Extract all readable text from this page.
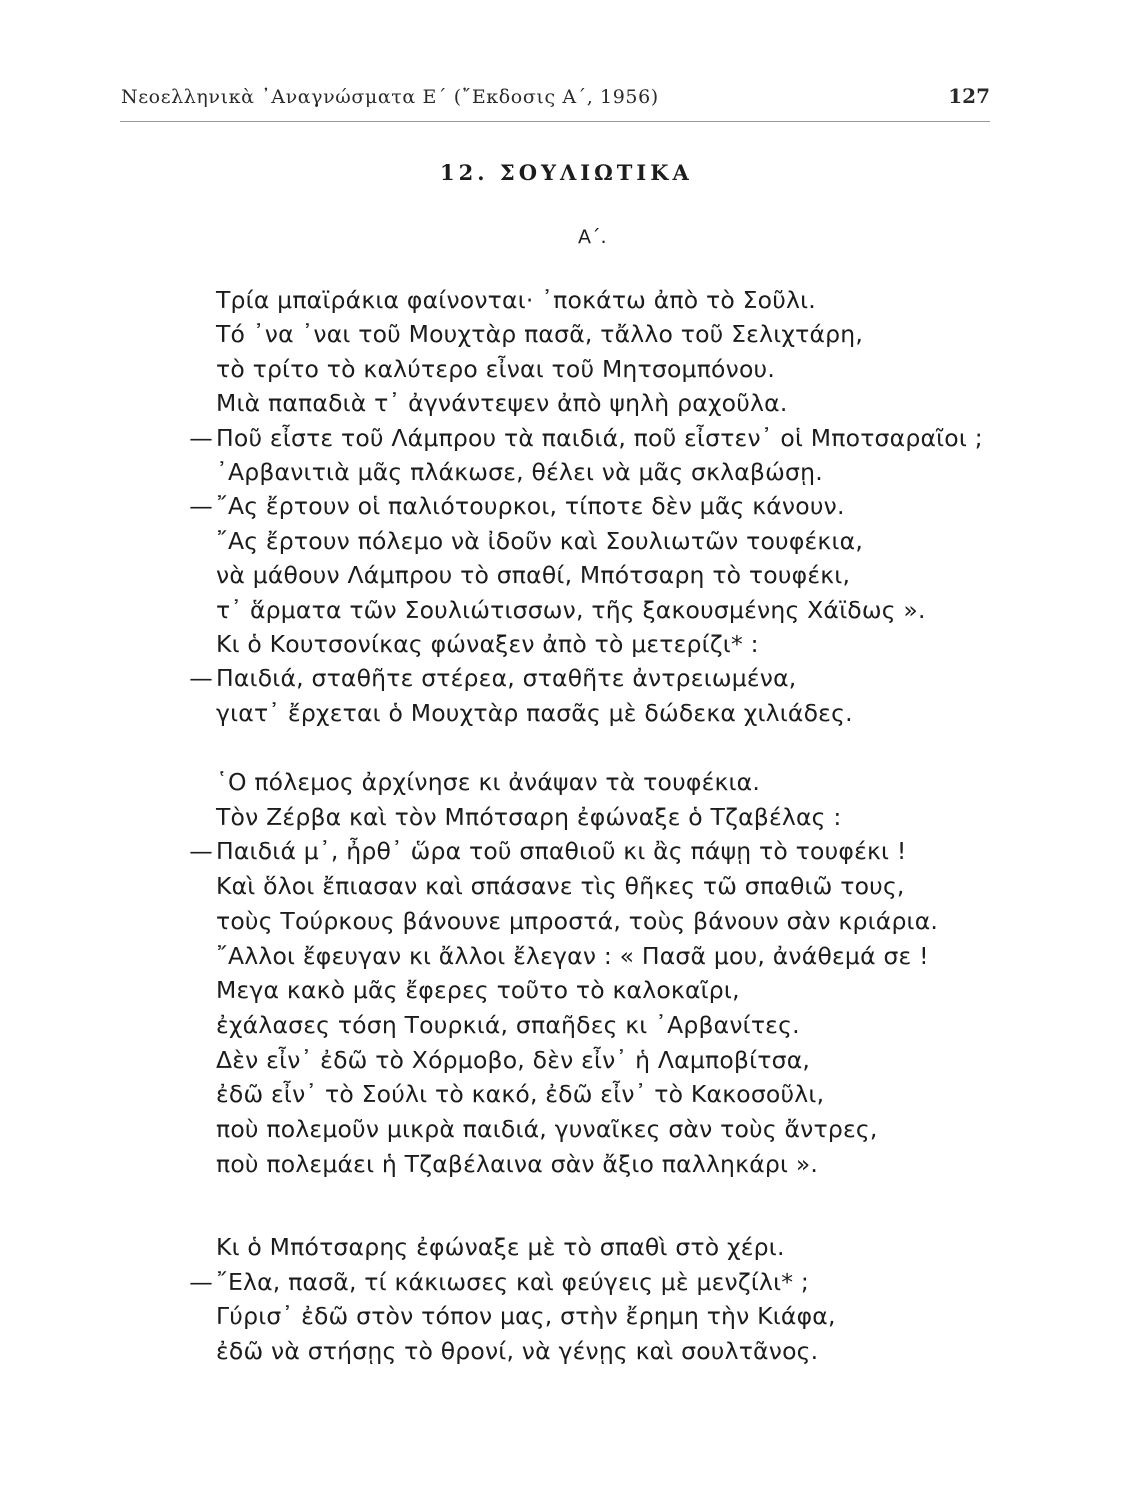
Νεοελληνικὰ ᾿Αναγνώσματα Ε΄ (῎Εκδοσις Α΄, 1956)	127
12. ΣΟΥΛΙΩΤΙΚΑ
Α΄.
Τρία μπαϊράκια φαίνονται· ᾽ποκάτω ἀπὸ τὸ Σοῦλι.
Τό ᾽να ᾽ναι τοῦ Μουχτὰρ πασᾶ, τἄλλο τοῦ Σελιχτάρη,
τὸ τρίτο τὸ καλύτερο εἶναι τοῦ Μητσομπόνου.
Μιὰ παπαδιὰ τ᾽ ἀγνάντεψεν ἀπὸ ψηλὴ ραχοῦλα.
— Ποῦ εἶστε τοῦ Λάμπρου τὰ παιδιά, ποῦ εἶστεν᾽ οἱ Μποτσαραῖοι ;
᾽Αρβανιτιὰ μᾶς πλάκωσε, θέλει νὰ μᾶς σκλαβώσῃ.
— ῎Ας ἔρτουν οἱ παλιότουρκοι, τίποτε δὲν μᾶς κάνουν.
῎Ας ἔρτουν πόλεμο νὰ ἰδοῦν καὶ Σουλιωτῶν τουφέκια,
νὰ μάθουν Λάμπρου τὸ σπαθί, Μπότσαρη τὸ τουφέκι,
τ᾽ ἅρματα τῶν Σουλιώτισσων, τῆς ξακουσμένης Χάϊδως ».
Κι ὁ Κουτσονίκας φώναξεν ἀπὸ τὸ μετερίζι* :
— Παιδιά, σταθῆτε στέρεα, σταθῆτε ἀντρειωμένα,
γιατ᾽ ἔρχεται ὁ Μουχτὰρ πασᾶς μὲ δώδεκα χιλιάδες.
῾Ο πόλεμος ἀρχίνησε κι ἀνάψαν τὰ τουφέκια.
Τὸν Ζέρβα καὶ τὸν Μπότσαρη ἐφώναξε ὁ Τζαβέλας :
— Παιδιά μ᾽, ἦρθ᾽ ὥρα τοῦ σπαθιοῦ κι ἂς πάψῃ τὸ τουφέκι !
Καὶ ὅλοι ἔπιασαν καὶ σπάσανε τὶς θῆκες τῶ σπαθιῶ τους,
τοὺς Τούρκους βάνουνε μπροστά, τοὺς βάνουν σὰν κριάρια.
῎Αλλοι ἔφευγαν κι ἄλλοι ἔλεγαν : « Πασᾶ μου, ἀνάθεμά σε !
Μεγα κακὸ μᾶς ἔφερες τοῦτο τὸ καλοκαῖρι,
ἐχάλασες τόση Τουρκιά, σπαῆδες κι ᾽Αρβανίτες.
Δὲν εἶν᾽ ἐδῶ τὸ Χόρμοβο, δὲν εἶν᾽ ἡ Λαμποβίτσα,
ἐδῶ εἶν᾽ τὸ Σούλι τὸ κακό, ἐδῶ εἶν᾽ τὸ Κακοσοῦλι,
ποὺ πολεμοῦν μικρὰ παιδιά, γυναῖκες σὰν τοὺς ἄντρες,
ποὺ πολεμάει ἡ Τζαβέλαινα σὰν ἄξιο παλληκάρι ».
Κι ὁ Μπότσαρης ἐφώναξε μὲ τὸ σπαθὶ στὸ χέρι.
— ῎Ελα, πασᾶ, τί κάκιωσες καὶ φεύγεις μὲ μενζίλι* ;
Γύρισ᾽ ἐδῶ στὸν τόπον μας, στὴν ἔρημη τὴν Κιάφα,
ἐδῶ νὰ στήσῃς τὸ θρονί, νὰ γένῃς καὶ σουλτᾶνος.
